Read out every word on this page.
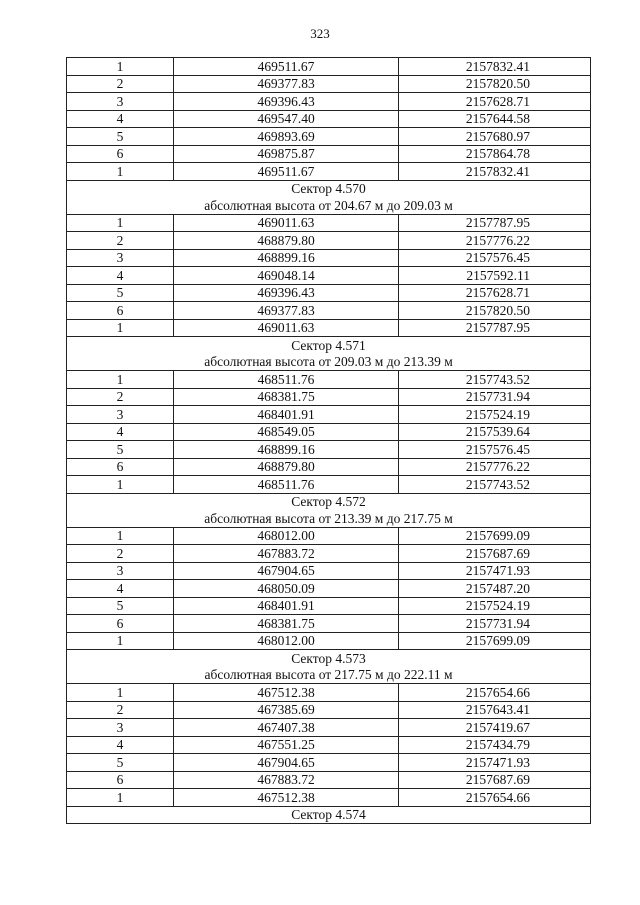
323
1	469511.67	2157832.41
2	469377.83	2157820.50
3	469396.43	2157628.71
4	469547.40	2157644.58
5	469893.69	2157680.97
6	469875.87	2157864.78
1	469511.67	2157832.41
Сектор 4.570		
абсолютная высота от 204.67 м до 209.03 м		
1	469011.63	2157787.95
2	468879.80	2157776.22
3	468899.16	2157576.45
4	469048.14	2157592.11
5	469396.43	2157628.71
6	469377.83	2157820.50
1	469011.63	2157787.95
Сектор 4.571		
абсолютная высота от 209.03 м до 213.39 м		
1	468511.76	2157743.52
2	468381.75	2157731.94
3	468401.91	2157524.19
4	468549.05	2157539.64
5	468899.16	2157576.45
6	468879.80	2157776.22
1	468511.76	2157743.52
Сектор 4.572		
абсолютная высота от 213.39 м до 217.75 м		
1	468012.00	2157699.09
2	467883.72	2157687.69
3	467904.65	2157471.93
4	468050.09	2157487.20
5	468401.91	2157524.19
6	468381.75	2157731.94
1	468012.00	2157699.09
Сектор 4.573		
абсолютная высота от 217.75 м до 222.11 м		
1	467512.38	2157654.66
2	467385.69	2157643.41
3	467407.38	2157419.67
4	467551.25	2157434.79
5	467904.65	2157471.93
6	467883.72	2157687.69
1	467512.38	2157654.66
Сектор 4.574		
